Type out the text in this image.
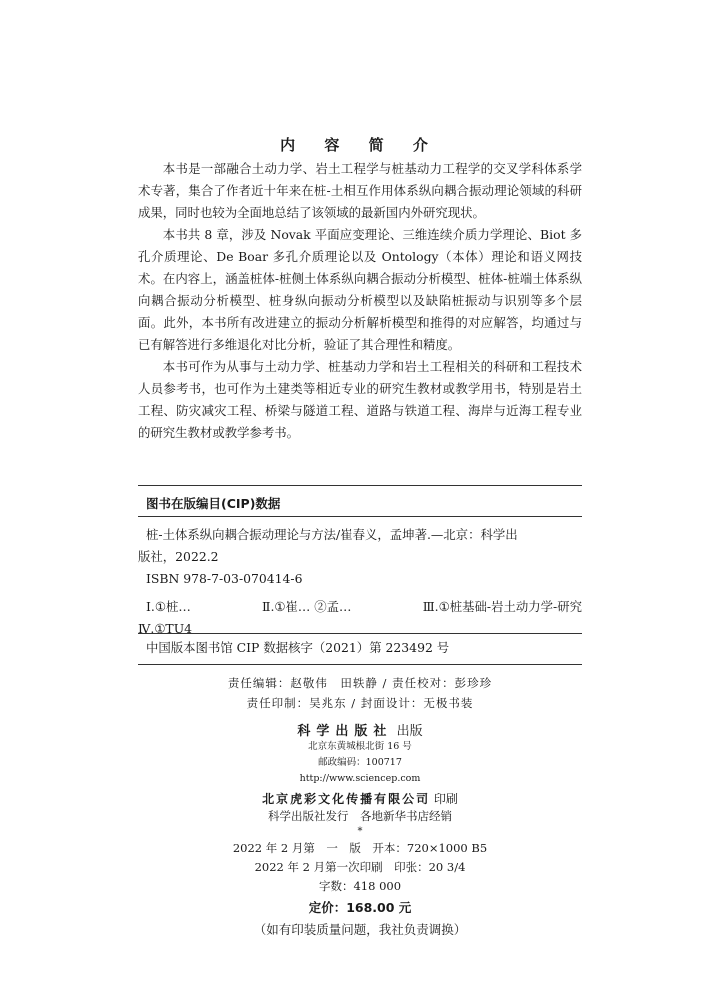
内 容 简 介

本书是一部融合土动力学、岩土工程学与桩基动力工程学的交叉学科体系学术专著，集合了作者近十年来在桩-土相互作用体系纵向耦合振动理论领域的科研成果，同时也较为全面地总结了该领域的最新国内外研究现状。

本书共 8 章，涉及 Novak 平面应变理论、三维连续介质力学理论、Biot 多孔介质理论、De Boar 多孔介质理论以及 Ontology（本体）理论和语义网技术。在内容上，涵盖桩体-桩侧土体系纵向耦合振动分析模型、桩体-桩端土体系纵向耦合振动分析模型、桩身纵向振动分析模型以及缺陷桩振动与识别等多个层面。此外，本书所有改进建立的振动分析解析模型和推得的对应解答，均通过与已有解答进行多维退化对比分析，验证了其合理性和精度。

本书可作为从事与土动力学、桩基动力学和岩土工程相关的科研和工程技术人员参考书，也可作为土建类等相近专业的研究生教材或教学用书，特别是岩土工程、防灾减灾工程、桥梁与隧道工程、道路与铁道工程、海岸与近海工程专业的研究生教材或教学参考书。

图书在版编目(CIP)数据
桩-土体系纵向耦合振动理论与方法/崔春义，孟坤著.—北京：科学出
版社，2022.2
ISBN 978-7-03-070414-6
Ⅰ.①桩…	Ⅱ.①崔… ②孟…	Ⅲ.①桩基础-岩土动力学-研究
Ⅳ.①TU4
中国版本图书馆 CIP 数据核字（2021）第 223492 号
责任编辑：赵敬伟　田轶静 / 责任校对：彭珍珍
责任印制：吴兆东 / 封面设计：无极书装
科学出版社 出版
北京东黄城根北街 16 号
邮政编码：100717
http://www.sciencep.com
北京虎彩文化传播有限公司 印刷
科学出版社发行　各地新华书店经销
*
2022 年 2 月第　一　版　开本：720×1000 B5
2022 年 2 月第一次印刷　印张：20 3/4
字数：418 000
定价：168.00 元
（如有印装质量问题，我社负责调换）
